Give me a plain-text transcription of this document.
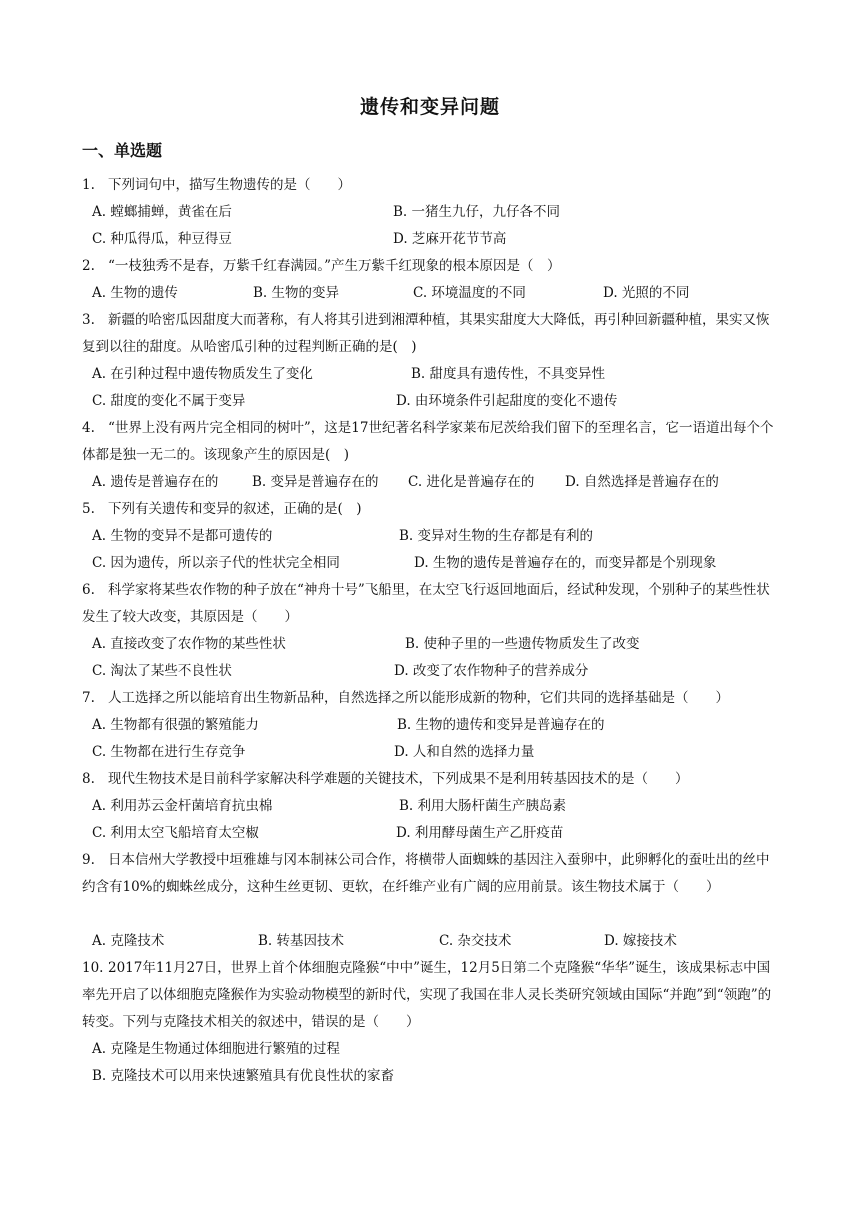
遗传和变异问题
一、单选题
1. 下列词句中，描写生物遗传的是（　　）
A. 螳螂捕蝉，黄雀在后	B. 一猪生九仔，九仔各不同
C. 种瓜得瓜，种豆得豆	D. 芝麻开花节节高
2. “一枝独秀不是春，万紫千红春满园。”产生万紫千红现象的根本原因是（　）
A. 生物的遗传	B. 生物的变异	C. 环境温度的不同	D. 光照的不同
3. 新疆的哈密瓜因甜度大而著称，有人将其引进到湘潭种植，其果实甜度大大降低，再引种回新疆种植，果实又恢复到以往的甜度。从哈密瓜引种的过程判断正确的是(　)
A. 在引种过程中遗传物质发生了变化	B. 甜度具有遗传性，不具变异性
C. 甜度的变化不属于变异	D. 由环境条件引起甜度的变化不遗传
4. “世界上没有两片完全相同的树叶”，这是17世纪著名科学家莱布尼茨给我们留下的至理名言，它一语道出每个个体都是独一无二的。该现象产生的原因是(　)
A. 遗传是普遍存在的 B. 变异是普遍存在的 C. 进化是普遍存在的 D. 自然选择是普遍存在的
5. 下列有关遗传和变异的叙述，正确的是(　)
A. 生物的变异不是都可遗传的	B. 变异对生物的生存都是有利的
C. 因为遗传，所以亲子代的性状完全相同	D. 生物的遗传是普遍存在的，而变异都是个别现象
6. 科学家将某些农作物的种子放在“神舟十号”飞船里，在太空飞行返回地面后，经试种发现，个别种子的某些性状发生了较大改变，其原因是（　　）
A. 直接改变了农作物的某些性状	B. 使种子里的一些遗传物质发生了改变
C. 淘汰了某些不良性状	D. 改变了农作物种子的营养成分
7. 人工选择之所以能培育出生物新品种，自然选择之所以能形成新的物种，它们共同的选择基础是（　　）
A. 生物都有很强的繁殖能力	B. 生物的遗传和变异是普遍存在的
C. 生物都在进行生存竞争	D. 人和自然的选择力量
8. 现代生物技术是目前科学家解决科学难题的关键技术，下列成果不是利用转基因技术的是（　　）
A. 利用苏云金杆菌培育抗虫棉	B. 利用大肠杆菌生产胰岛素
C. 利用太空飞船培育太空椒	D. 利用酵母菌生产乙肝疫苗
9. 日本信州大学教授中垣雅雄与冈本制袜公司合作，将横带人面蜘蛛的基因注入蚕卵中，此卵孵化的蚕吐出的丝中约含有10%的蜘蛛丝成分，这种生丝更韧、更软，在纤维产业有广阔的应用前景。该生物技术属于（　　）
A. 克隆技术	B. 转基因技术	C. 杂交技术	D. 嫁接技术
10. 2017年11月27日，世界上首个体细胞克隆猴“中中”诞生，12月5日第二个克隆猴“华华”诞生，该成果标志中国率先开启了以体细胞克隆猴作为实验动物模型的新时代，实现了我国在非人灵长类研究领域由国际“并跑”到“领跑”的转变。下列与克隆技术相关的叙述中，错误的是（　　）
A. 克隆是生物通过体细胞进行繁殖的过程
B. 克隆技术可以用来快速繁殖具有优良性状的家畜
